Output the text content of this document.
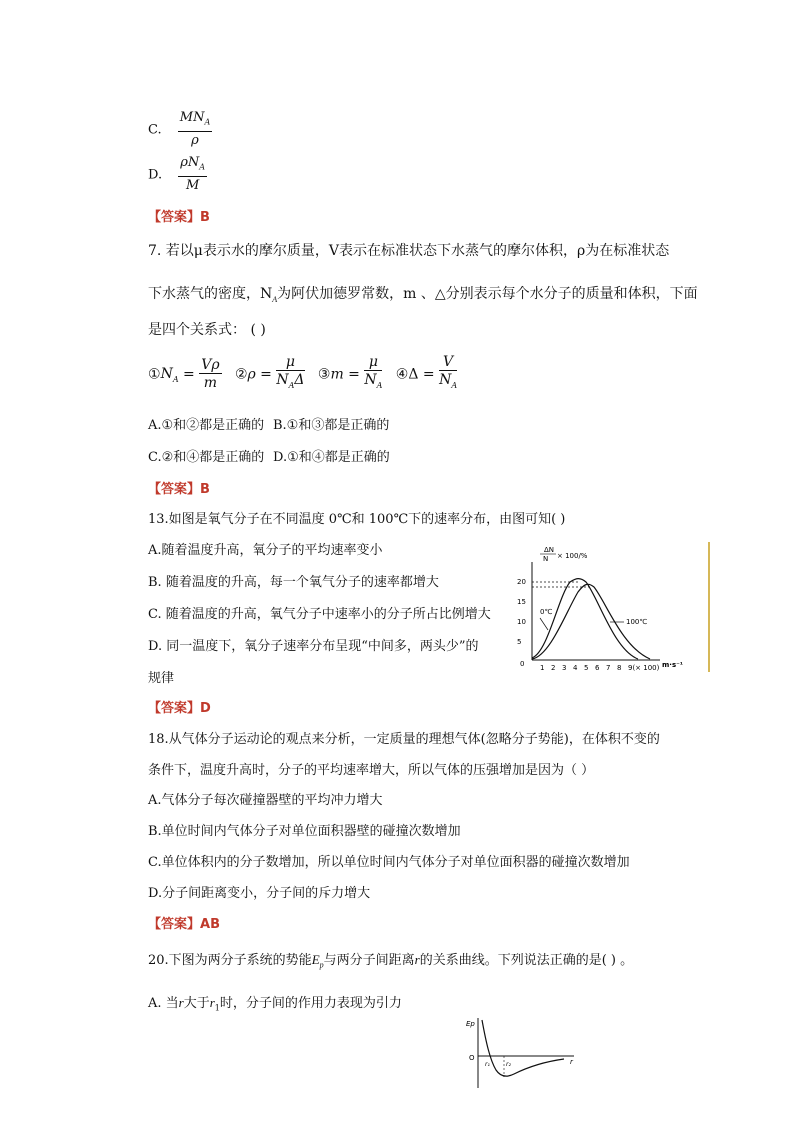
C. $\frac{MN_A}{\rho}$
D. $\frac{\rho N_A}{M}$
【答案】B
7. 若以μ表示水的摩尔质量，V表示在标准状态下水蒸气的摩尔体积，ρ为在标准状态
下水蒸气的密度，$N_A$为阿伏加德罗常数，m 、△分别表示每个水分子的质量和体积，下面
是四个关系式： ( )
$①N_A = \frac{V\rho}{m}$ ②ρ = $\frac{\mu}{N_A\Delta}$ ③m = $\frac{\mu}{N_A}$ ④Δ = $\frac{V}{N_A}$
A.①和②都是正确的 B.①和③都是正确的
C.②和④都是正确的 D.①和④都是正确的
【答案】B
13.如图是氧气分子在不同温度 0℃和 100℃下的速率分布，由图可知( )
A.随着温度升高，氧分子的平均速率变小
B. 随着温度的升高，每一个氧气分子的速率都增大
C. 随着温度的升高，氧气分子中速率小的分子所占比例增大
D. 同一温度下，氧分子速率分布呈现“中间多，两头少”的
规律
ΔN
N × 100/%
20
15
10
5
0 1 2 3 4 5 6 7 8 9(× 100)
0℃
100℃
m·s⁻¹
【答案】D
18.从气体分子运动论的观点来分析，一定质量的理想气体(忽略分子势能)，在体积不变的
条件下，温度升高时，分子的平均速率增大，所以气体的压强增加是因为（ ）
A.气体分子每次碰撞器壁的平均冲力增大
B.单位时间内气体分子对单位面积器壁的碰撞次数增加
C.单位体积内的分子数增加，所以单位时间内气体分子对单位面积器的碰撞次数增加
D.分子间距离变小，分子间的斥力增大
【答案】AB
20.下图为两分子系统的势能$E_p$与两分子间距离r的关系曲线。下列说法正确的是( ) 。
A. 当r大于$r_1$时，分子间的作用力表现为引力
Ep
r
O
r₁	r₂
